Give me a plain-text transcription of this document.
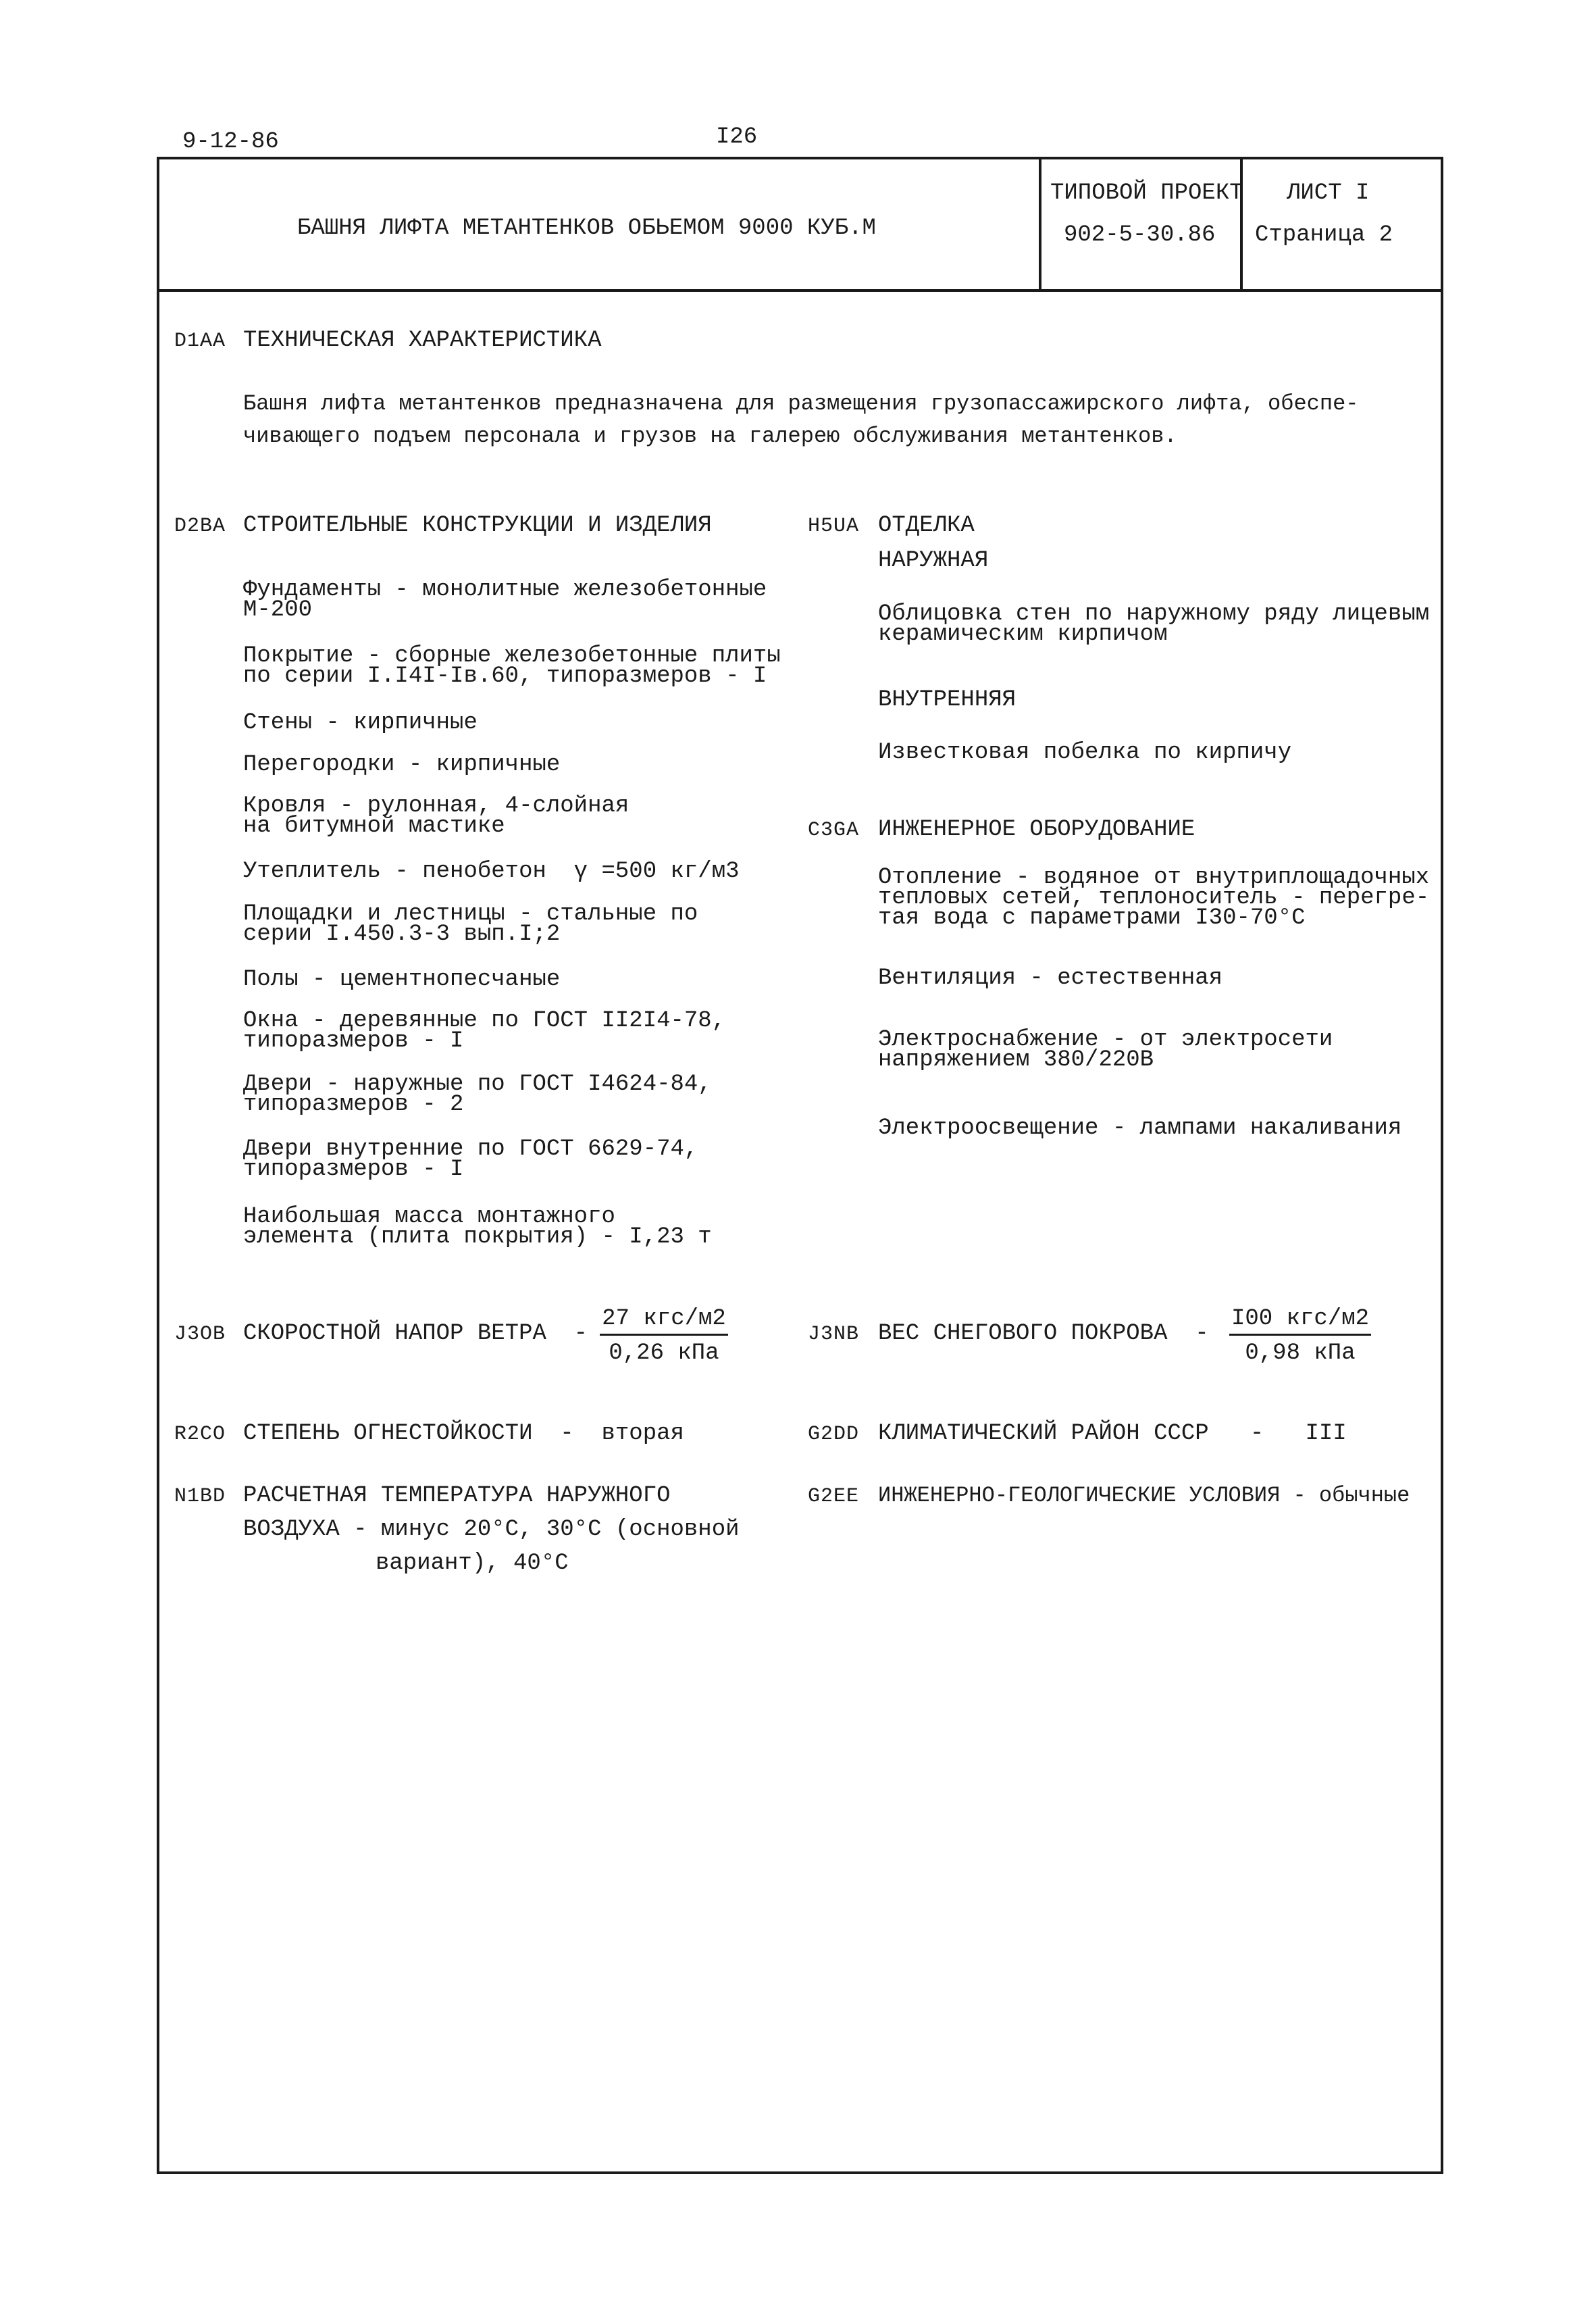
9-12-86	I26
БАШНЯ ЛИФТА МЕТАНТЕНКОВ ОБЬЕМОМ 9000 КУБ.М
ТИПОВОЙ ПРОЕКТ
902-5-30.86
ЛИСТ I
Страница 2
D1AA ТЕХНИЧЕСКАЯ ХАРАКТЕРИСТИКА
Башня лифта метантенков предназначена для размещения грузопассажирского лифта, обеспе-
чивающего подъем персонала и грузов на галерею обслуживания метантенков.
D2BA СТРОИТЕЛЬНЫЕ КОНСТРУКЦИИ И ИЗДЕЛИЯ
Фундаменты - монолитные железобетонные
М-200
Покрытие - сборные железобетонные плиты
по серии I.I4I-Iв.60, типоразмеров - I
Стены - кирпичные
Перегородки - кирпичные
Кровля - рулонная, 4-слойная
на битумной мастике
Утеплитель - пенобетон  γ =500 кг/м3
Площадки и лестницы - стальные по
серии I.450.3-3 вып.I;2
Полы - цементнопесчаные
Окна - деревянные по ГОСТ II2I4-78,
типоразмеров - I
Двери - наружные по ГОСТ I4624-84,
типоразмеров - 2
Двери внутренние по ГОСТ 6629-74,
типоразмеров - I
Наибольшая масса монтажного
элемента (плита покрытия) - I,23 т
H5UA ОТДЕЛКА
НАРУЖНАЯ
Облицовка стен по наружному ряду лицевым
керамическим кирпичом
ВНУТРЕННЯЯ
Известковая побелка по кирпичу
C3GA ИНЖЕНЕРНОЕ ОБОРУДОВАНИЕ
Отопление - водяное от внутриплощадочных
тепловых сетей, теплоноситель - перегре-
тая вода с параметрами I30-70°C
Вентиляция - естественная
Электроснабжение - от электросети
напряжением 380/220В
Электроосвещение - лампами накаливания
J3OB СКОРОСТНОЙ НАПОР ВЕТРА  -
27 кгс/м2
0,26 кПа
J3NB ВЕС СНЕГОВОГО ПОКРОВА  -
I00 кгс/м2
0,98 кПа
R2CO СТЕПЕНЬ ОГНЕСТОЙКОСТИ  -  вторая	G2DD КЛИМАТИЧЕСКИЙ РАЙОН СССР   -   III
N1BD РАСЧЕТНАЯ ТЕМПЕРАТУРА НАРУЖНОГО
ВОЗДУХА - минус 20°C, 30°C (основной
вариант), 40°C
G2EE ИНЖЕНЕРНО-ГЕОЛОГИЧЕСКИЕ УСЛОВИЯ - обычные
